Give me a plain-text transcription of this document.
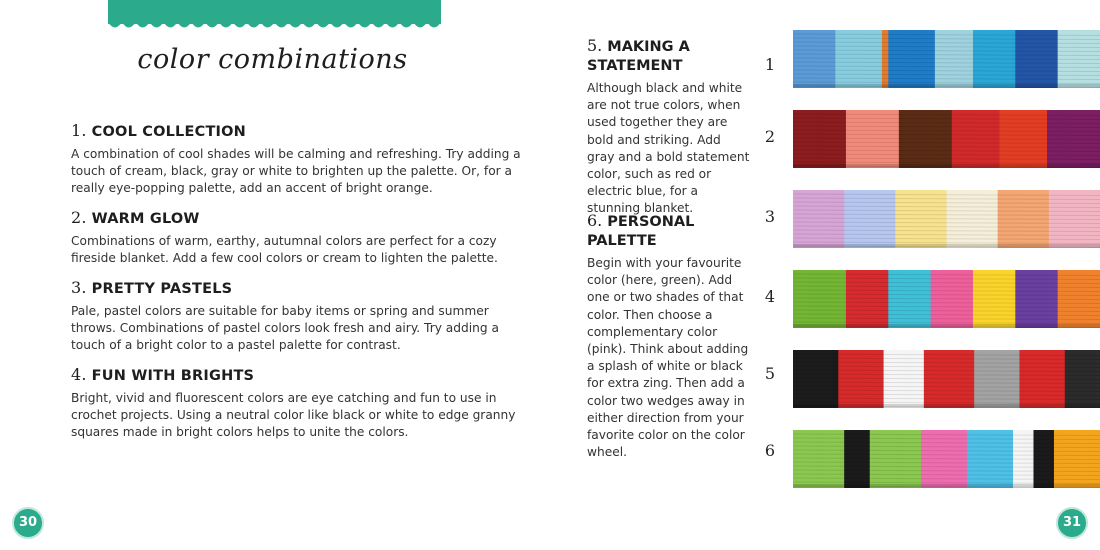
color combinations
1. COOL COLLECTION

A combination of cool shades will be calming and refreshing. Try adding a touch of cream, black, gray or white to brighten up the palette. Or, for a really eye-popping palette, add an accent of bright orange.

2. WARM GLOW

Combinations of warm, earthy, autumnal colors are perfect for a cozy fireside blanket. Add a few cool colors or cream to lighten the palette.

3. PRETTY PASTELS

Pale, pastel colors are suitable for baby items or spring and summer throws. Combinations of pastel colors look fresh and airy. Try adding a touch of a bright color to a pastel palette for contrast.

4. FUN WITH BRIGHTS

Bright, vivid and fluorescent colors are eye catching and fun to use in crochet projects. Using a neutral color like black or white to edge granny squares made in bright colors helps to unite the colors.

5. MAKING A
STATEMENT

Although black and white are not true colors, when used together they are bold and striking. Add gray and a bold statement color, such as red or electric blue, for a stunning blanket.

6. PERSONAL
PALETTE

Begin with your favourite color (here, green). Add one or two shades of that color. Then choose a complementary color (pink). Think about adding a splash of white or black for extra zing. Then add a color two wedges away in either direction from your favorite color on the color wheel.

1
2
3
4
5
6
30	31
